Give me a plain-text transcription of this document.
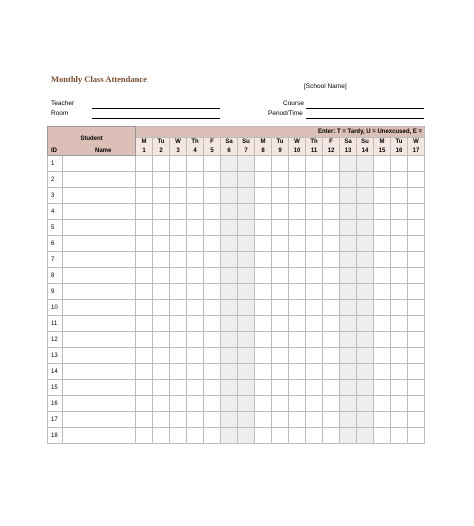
Monthly Class Attendance
[School Name]
Teacher
Room
Course
Period/Time
Student
ID Name		Enter: T = Tardy, U = Unexcused, E =																
		M	Tu	W	Th	F	Sa	Su	M	Tu	W	Th	F	Sa	Su	M	Tu	W
		1	2	3	4	5	6	7	8	9	10	11	12	13	14	15	16	17
1																		
2																		
3																		
4																		
5																		
6																		
7																		
8																		
9																		
10																		
11																		
12																		
13																		
14																		
15																		
16																		
17																		
18																		
